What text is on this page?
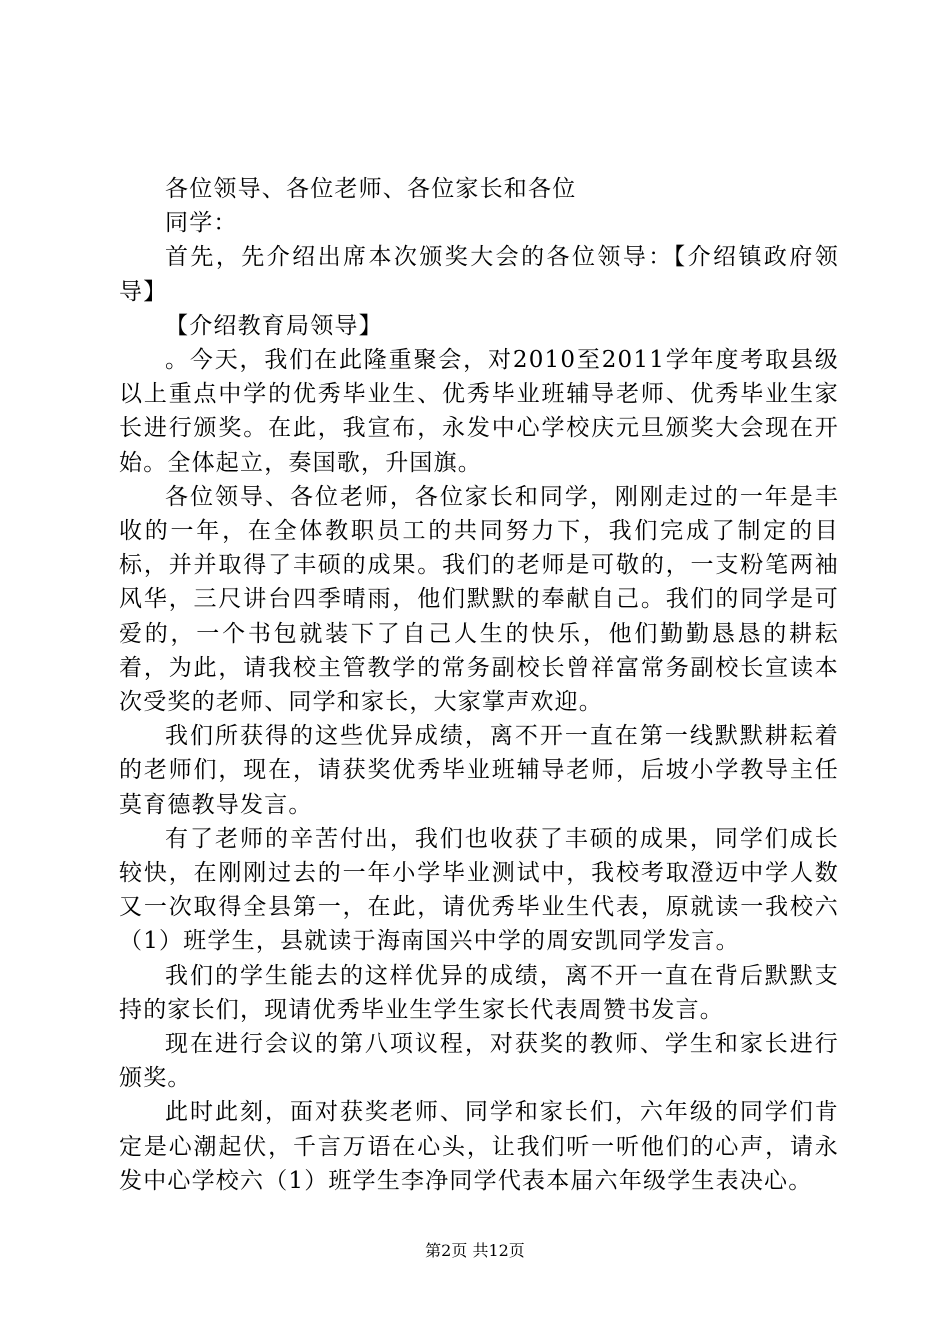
各位领导、各位老师、各位家长和各位

同学：

首先，先介绍出席本次颁奖大会的各位领导：【介绍镇政府领导】

【介绍教育局领导】

。今天，我们在此隆重聚会，对2010至2011学年度考取县级以上重点中学的优秀毕业生、优秀毕业班辅导老师、优秀毕业生家长进行颁奖。在此，我宣布，永发中心学校庆元旦颁奖大会现在开始。全体起立，奏国歌，升国旗。

各位领导、各位老师，各位家长和同学，刚刚走过的一年是丰收的一年，在全体教职员工的共同努力下，我们完成了制定的目标，并并取得了丰硕的成果。我们的老师是可敬的，一支粉笔两袖风华，三尺讲台四季晴雨，他们默默的奉献自己。我们的同学是可爱的，一个书包就装下了自己人生的快乐，他们勤勤恳恳的耕耘着，为此，请我校主管教学的常务副校长曾祥富常务副校长宣读本次受奖的老师、同学和家长，大家掌声欢迎。

我们所获得的这些优异成绩，离不开一直在第一线默默耕耘着的老师们，现在，请获奖优秀毕业班辅导老师，后坡小学教导主任莫育德教导发言。

有了老师的辛苦付出，我们也收获了丰硕的成果，同学们成长较快，在刚刚过去的一年小学毕业测试中，我校考取澄迈中学人数又一次取得全县第一，在此，请优秀毕业生代表，原就读一我校六（1）班学生，县就读于海南国兴中学的周安凯同学发言。

我们的学生能去的这样优异的成绩，离不开一直在背后默默支持的家长们，现请优秀毕业生学生家长代表周赞书发言。

现在进行会议的第八项议程，对获奖的教师、学生和家长进行颁奖。

此时此刻，面对获奖老师、同学和家长们，六年级的同学们肯定是心潮起伏，千言万语在心头，让我们听一听他们的心声，请永发中心学校六（1）班学生李净同学代表本届六年级学生表决心。

第2页 共12页
